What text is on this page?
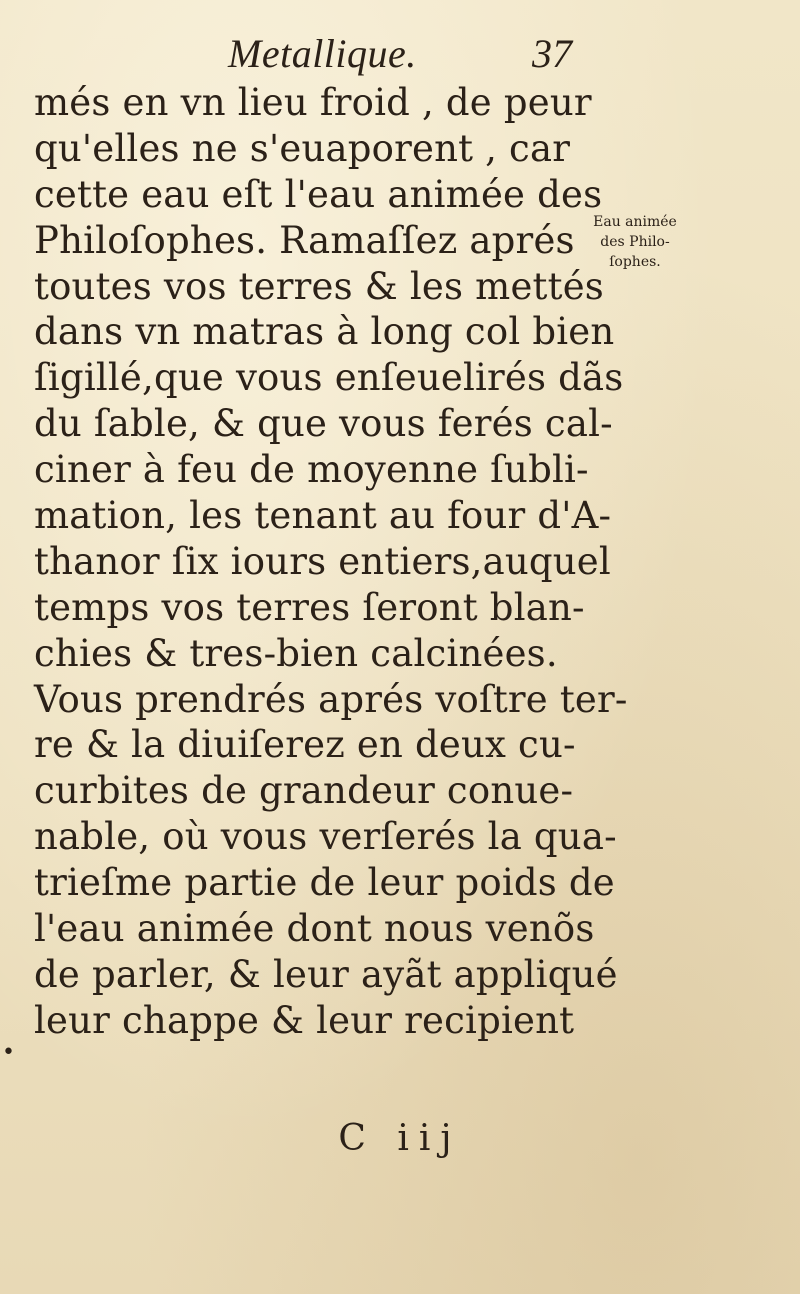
Metallique.	37
més en vn lieu froid , de peur
qu'elles ne s'euaporent , car
cette eau eſt l'eau animée des
Philoſophes. Ramaſſez aprés
toutes vos terres & les mettés
dans vn matras à long col bien
ſigillé,que vous enſeuelirés dãs
du ſable, & que vous ferés cal-
ciner à feu de moyenne ſubli-
mation, les tenant au four d'A-
thanor ſix iours entiers,auquel
temps vos terres ſeront blan-
chies & tres-bien calcinées.
Vous prendrés aprés voſtre ter-
re & la diuiſerez en deux cu-
curbites de grandeur conue-
nable, où vous verſerés la qua-
trieſme partie de leur poids de
l'eau animée dont nous venõs
de parler, & leur ayãt appliqué
leur chappe & leur recipient
Eau animée
des Philo-
ſophes.
•
C iij
